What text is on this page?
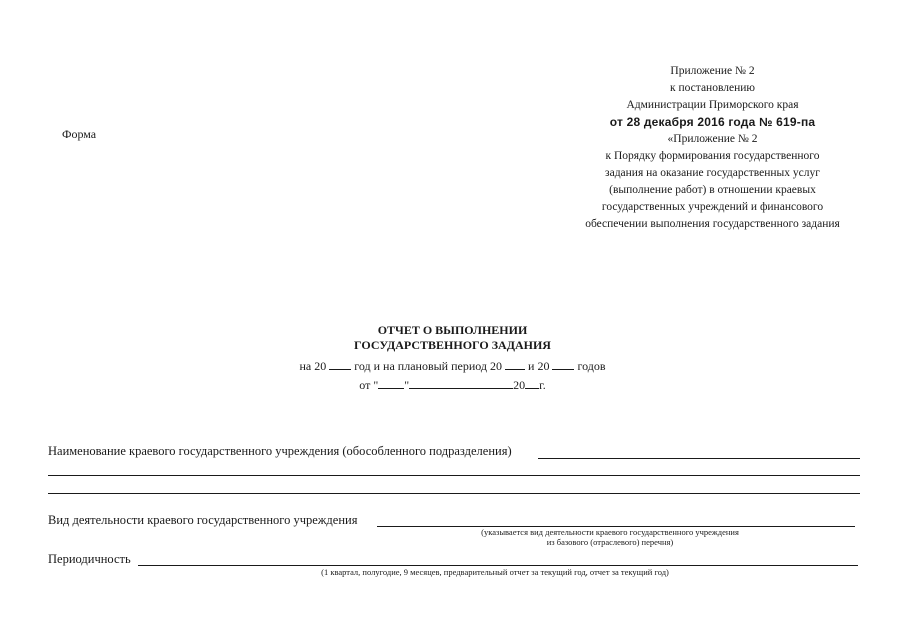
Приложение № 2
к постановлению
Администрации Приморского края
от 28 декабря 2016 года № 619-па
«Приложение № 2
к Порядку формирования государственного
задания на оказание государственных услуг
(выполнение работ) в отношении краевых
государственных учреждений и финансового
обеспечении выполнения государственного задания
Форма
ОТЧЕТ О ВЫПОЛНЕНИИ
ГОСУДАРСТВЕННОГО ЗАДАНИЯ
на 20 год и на плановый период 20 и 20 годов
от " "	20 г.
Наименование краевого государственного учреждения (обособленного подразделения)
Вид деятельности краевого государственного учреждения
(указывается вид деятельности краевого государственного учреждения
из базового (отраслевого) перечня)
Периодичность
(1 квартал, полугодие, 9 месяцев, предварительный отчет за текущий год, отчет за текущий год)
